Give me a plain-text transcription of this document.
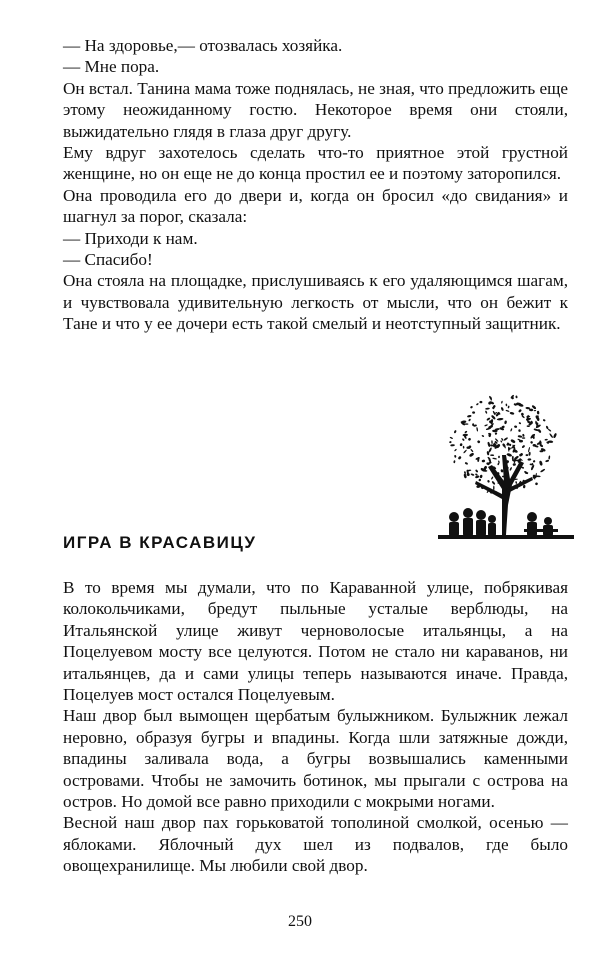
— Ha здоровье,— отозвалась хозяйка.

— Мне пора.

Он встал. Танина мама тоже поднялась, не зная, что предложить еще этому неожиданному гостю. Некоторое время они стояли, выжидательно глядя в глаза друг другу.

Ему вдруг захотелось сделать что-то приятное этой грустной женщине, но он еще не до конца простил ее и поэтому заторопился.

Она проводила его до двери и, когда он бросил «до свидания» и шагнул за порог, сказала:

— Приходи к нам.

— Спасибо!

Она стояла на площадке, прислушиваясь к его удаляющимся шагам, и чувствовала удивительную легкость от мысли, что он бежит к Тане и что у ее дочери есть такой смелый и неотступный защитник.

ИГРА В КРАСАВИЦУ

В то время мы думали, что по Караванной улице, побрякивая колокольчиками, бредут пыльные усталые верблюды, на Итальянской улице живут черноволосые итальянцы, а на Поцелуевом мосту все целуются. Потом не стало ни караванов, ни итальянцев, да и сами улицы теперь называются иначе. Правда, Поцелуев мост остался Поцелуевым.

Наш двор был вымощен щербатым булыжником. Булыжник лежал неровно, образуя бугры и впадины. Когда шли затяжные дожди, впадины заливала вода, а бугры возвышались каменными островами. Чтобы не замочить ботинок, мы прыгали с острова на остров. Но домой все равно приходили с мокрыми ногами.

Весной наш двор пах горьковатой тополиной смолкой, осенью — яблоками. Яблочный дух шел из подвалов, где было овощехранилище. Мы любили свой двор.

250
